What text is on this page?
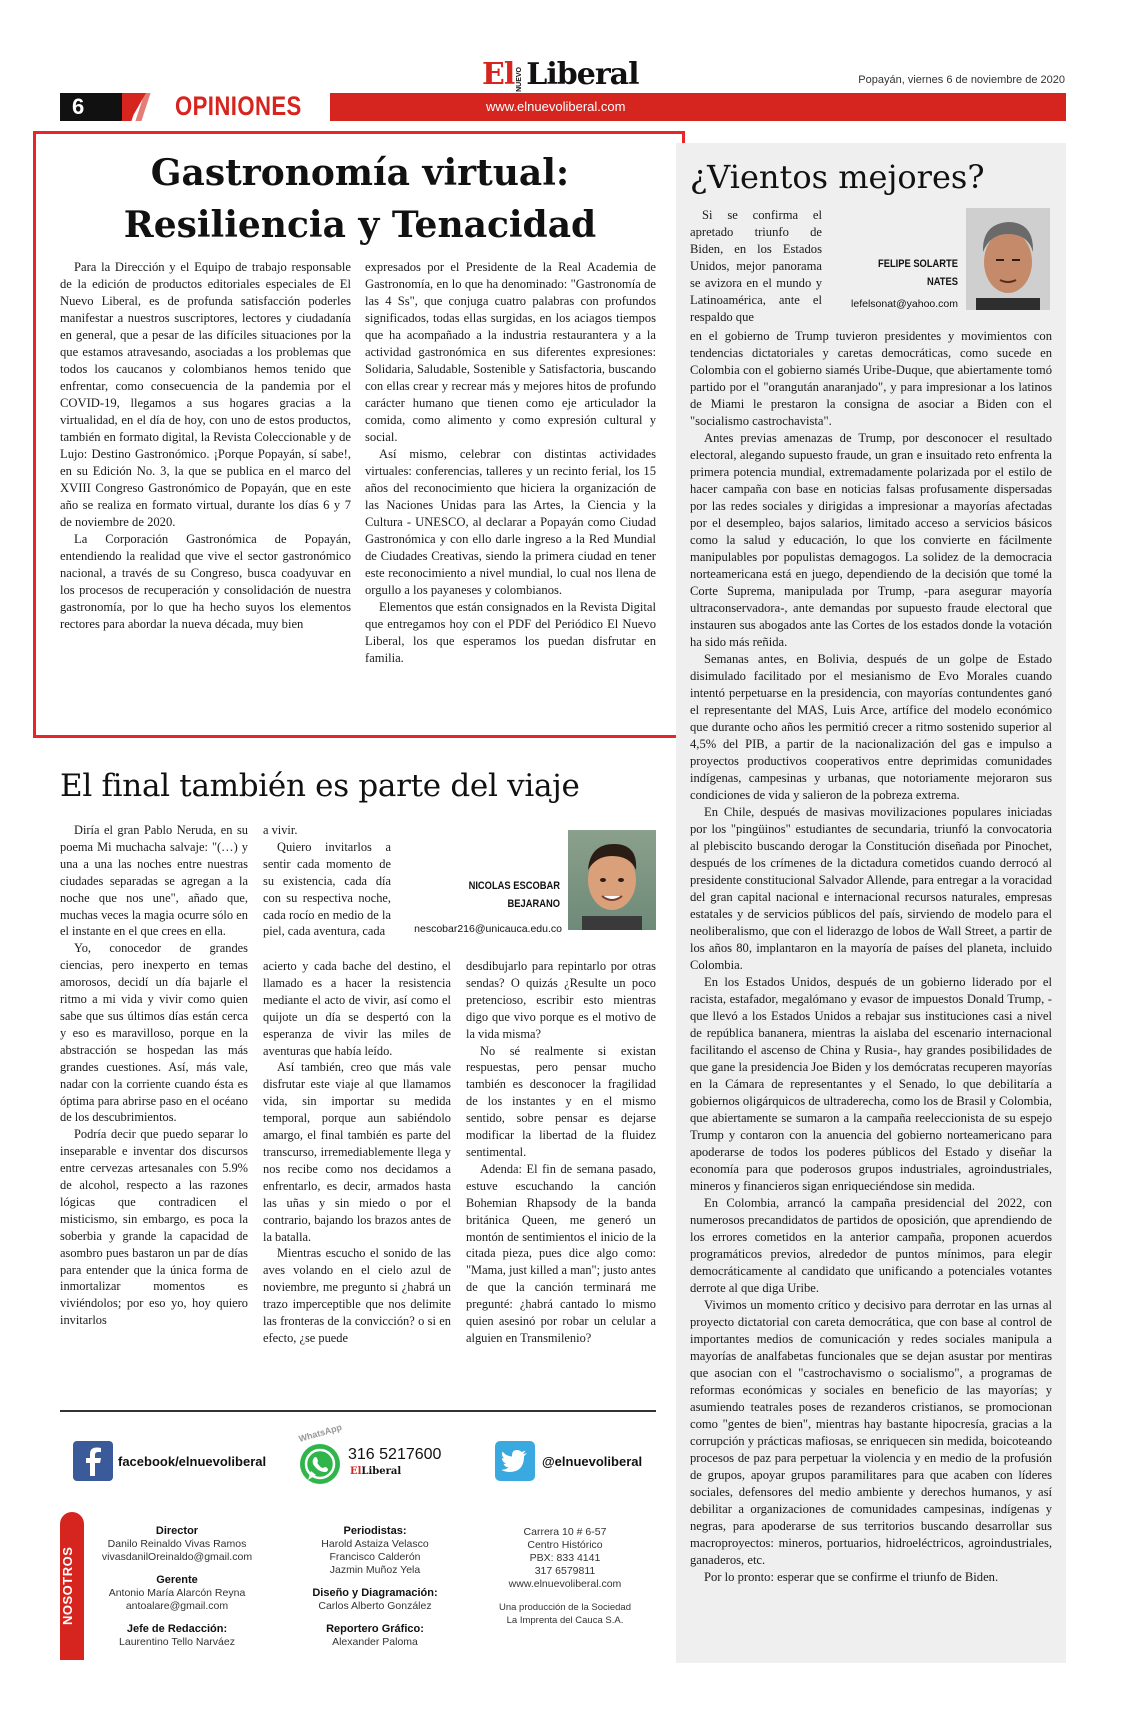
El NUEVO Liberal	Popayán, viernes 6 de noviembre de 2020
6	OPINIONES	www.elnuevoliberal.com
Gastronomía virtual:
Resiliencia y Tenacidad

Para la Dirección y el Equipo de trabajo responsable de la edición de productos editoriales especiales de El Nuevo Liberal, es de profunda satisfacción poderles manifestar a nuestros suscriptores, lectores y ciudadanía en general, que a pesar de las difíciles situaciones por la que estamos atravesando, asociadas a los problemas que todos los caucanos y colombianos hemos tenido que enfrentar, como consecuencia de la pandemia por el COVID-19, llegamos a sus hogares gracias a la virtualidad, en el día de hoy, con uno de estos productos, también en formato digital, la Revista Coleccionable y de Lujo: Destino Gastronómico. ¡Porque Popayán, sí sabe!, en su Edición No. 3, la que se publica en el marco del XVIII Congreso Gastronómico de Popayán, que en este año se realiza en formato virtual, durante los días 6 y 7 de noviembre de 2020.

La Corporación Gastronómica de Popayán, entendiendo la realidad que vive el sector gastronómico nacional, a través de su Congreso, busca coadyuvar en los procesos de recuperación y consolidación de nuestra gastronomía, por lo que ha hecho suyos los elementos rectores para abordar la nueva década, muy bien

expresados por el Presidente de la Real Academia de Gastronomía, en lo que ha denominado: "Gastronomía de las 4 Ss", que conjuga cuatro palabras con profundos significados, todas ellas surgidas, en los aciagos tiempos que ha acompañado a la industria restaurantera y a la actividad gastronómica en sus diferentes expresiones: Solidaria, Saludable, Sostenible y Satisfactoria, buscando con ellas crear y recrear más y mejores hitos de profundo carácter humano que tienen como eje articulador la comida, como alimento y como expresión cultural y social.

Así mismo, celebrar con distintas actividades virtuales: conferencias, talleres y un recinto ferial, los 15 años del reconocimiento que hiciera la organización de las Naciones Unidas para las Artes, la Ciencia y la Cultura - UNESCO, al declarar a Popayán como Ciudad Gastronómica y con ello darle ingreso a la Red Mundial de Ciudades Creativas, siendo la primera ciudad en tener este reconocimiento a nivel mundial, lo cual nos llena de orgullo a los payaneses y colombianos.

Elementos que están consignados en la Revista Digital que entregamos hoy con el PDF del Periódico El Nuevo Liberal, los que esperamos los puedan disfrutar en familia.

El final también es parte del viaje

Diría el gran Pablo Neruda, en su poema Mi muchacha salvaje: "(…) y una a una las noches entre nuestras ciudades separadas se agregan a la noche que nos une", añado que, muchas veces la magia ocurre sólo en el instante en el que crees en ella.

Yo, conocedor de grandes ciencias, pero inexperto en temas amorosos, decidí un día bajarle el ritmo a mi vida y vivir como quien sabe que sus últimos días están cerca y eso es maravilloso, porque en la abstracción se hospedan las más grandes cuestiones. Así, más vale, nadar con la corriente cuando ésta es óptima para abrirse paso en el océano de los descubrimientos.

Podría decir que puedo separar lo inseparable e inventar dos discursos entre cervezas artesanales con 5.9% de alcohol, respecto a las razones lógicas que contradicen el misticismo, sin embargo, es poca la soberbia y grande la capacidad de asombro pues bastaron un par de días para entender que la única forma de inmortalizar momentos es viviéndolos; por eso yo, hoy quiero invitarlos

a vivir.

Quiero invitarlos a sentir cada momento de su existencia, cada día con su respectiva noche, cada rocío en medio de la piel, cada aventura, cada

NICOLAS ESCOBAR
BEJARANO
nescobar216@unicauca.edu.co

acierto y cada bache del destino, el llamado es a hacer la resistencia mediante el acto de vivir, así como el quijote un día se despertó con la esperanza de vivir las miles de aventuras que había leído.

Así también, creo que más vale disfrutar este viaje al que llamamos vida, sin importar su medida temporal, porque aun sabiéndolo amargo, el final también es parte del transcurso, irremediablemente llega y nos recibe como nos decidamos a enfrentarlo, es decir, armados hasta las uñas y sin miedo o por el contrario, bajando los brazos antes de la batalla.

Mientras escucho el sonido de las aves volando en el cielo azul de noviembre, me pregunto si ¿habrá un trazo imperceptible que nos delimite las fronteras de la convicción? o si en efecto, ¿se puede

desdibujarlo para repintarlo por otras sendas? O quizás ¿Resulte un poco pretencioso, escribir esto mientras digo que vivo porque es el motivo de la vida misma?

No sé realmente si existan respuestas, pero pensar mucho también es desconocer la fragilidad de los instantes y en el mismo sentido, sobre pensar es dejarse modificar la libertad de la fluidez sentimental.

Adenda: El fin de semana pasado, estuve escuchando la canción Bohemian Rhapsody de la banda británica Queen, me generó un montón de sentimientos el inicio de la citada pieza, pues dice algo como: "Mama, just killed a man"; justo antes de que la canción terminará me pregunté: ¿habrá cantado lo mismo quien asesinó por robar un celular a alguien en Transmilenio?

¿Vientos mejores?
Si se confirma el apretado triunfo de Biden, en los Estados Unidos, mejor panorama se avizora en el mundo y Latinoamérica, ante el respaldo que
FELIPE SOLARTE
NATES
lefelsonat@yahoo.com

en el gobierno de Trump tuvieron presidentes y movimientos con tendencias dictatoriales y caretas democráticas, como sucede en Colombia con el gobierno siamés Uribe-Duque, que abiertamente tomó partido por el "orangután anaranjado", y para impresionar a los latinos de Miami le prestaron la consigna de asociar a Biden con el "socialismo castrochavista".

Antes previas amenazas de Trump, por desconocer el resultado electoral, alegando supuesto fraude, un gran e insuitado reto enfrenta la primera potencia mundial, extremadamente polarizada por el estilo de hacer campaña con base en noticias falsas profusamente dispersadas por las redes sociales y dirigidas a impresionar a mayorías afectadas por el desempleo, bajos salarios, limitado acceso a servicios básicos como la salud y educación, lo que los convierte en fácilmente manipulables por populistas demagogos. La solidez de la democracia norteamericana está en juego, dependiendo de la decisión que tomé la Corte Suprema, manipulada por Trump, -para asegurar mayoría ultraconservadora-, ante demandas por supuesto fraude electoral que instauren sus abogados ante las Cortes de los estados donde la votación ha sido más reñida.

Semanas antes, en Bolivia, después de un golpe de Estado disimulado facilitado por el mesianismo de Evo Morales cuando intentó perpetuarse en la presidencia, con mayorías contundentes ganó el representante del MAS, Luis Arce, artífice del modelo económico que durante ocho años les permitió crecer a ritmo sostenido superior al 4,5% del PIB, a partir de la nacionalización del gas e impulso a proyectos productivos cooperativos entre deprimidas comunidades indígenas, campesinas y urbanas, que notoriamente mejoraron sus condiciones de vida y salieron de la pobreza extrema.

En Chile, después de masivas movilizaciones populares iniciadas por los "pingüinos" estudiantes de secundaria, triunfó la convocatoria al plebiscito buscando derogar la Constitución diseñada por Pinochet, después de los crímenes de la dictadura cometidos cuando derrocó al presidente constitucional Salvador Allende, para entregar a la voracidad del gran capital nacional e internacional recursos naturales, empresas estatales y de servicios públicos del país, sirviendo de modelo para el neoliberalismo, que con el liderazgo de lobos de Wall Street, a partir de los años 80, implantaron en la mayoría de países del planeta, incluido Colombia.

En los Estados Unidos, después de un gobierno liderado por el racista, estafador, megalómano y evasor de impuestos Donald Trump, -que llevó a los Estados Unidos a rebajar sus instituciones casi a nivel de república bananera, mientras la aislaba del escenario internacional facilitando el ascenso de China y Rusia-, hay grandes posibilidades de que gane la presidencia Joe Biden y los demócratas recuperen mayorías en la Cámara de representantes y el Senado, lo que debilitaría a gobiernos oligárquicos de ultraderecha, como los de Brasil y Colombia, que abiertamente se sumaron a la campaña reeleccionista de su espejo Trump y contaron con la anuencia del gobierno norteamericano para apoderarse de todos los poderes públicos del Estado y diseñar la economía para que poderosos grupos industriales, agroindustriales, mineros y financieros sigan enriqueciéndose sin medida.

En Colombia, arrancó la campaña presidencial del 2022, con numerosos precandidatos de partidos de oposición, que aprendiendo de los errores cometidos en la anterior campaña, proponen acuerdos programáticos previos, alrededor de puntos mínimos, para elegir democráticamente al candidato que unificando a potenciales votantes derrote al que diga Uribe.

Vivimos un momento crítico y decisivo para derrotar en las urnas al proyecto dictatorial con careta democrática, que con base al control de importantes medios de comunicación y redes sociales manipula a mayorías de analfabetas funcionales que se dejan asustar por mentiras que asocian con el "castrochavismo o socialismo", a programas de reformas económicas y sociales en beneficio de las mayorías; y asumiendo teatrales poses de rezanderos cristianos, se promocionan como "gentes de bien", mientras hay bastante hipocresía, gracias a la corrupción y prácticas mafiosas, se enriquecen sin medida, boicoteando procesos de paz para perpetuar la violencia y en medio de la profusión de grupos, apoyar grupos paramilitares para que acaben con líderes sociales, defensores del medio ambiente y derechos humanos, y así debilitar a organizaciones de comunidades campesinas, indígenas y negras, para apoderarse de sus territorios buscando desarrollar sus macroproyectos: mineros, portuarios, hidroeléctricos, agroindustriales, ganaderos, etc.

Por lo pronto: esperar que se confirme el triunfo de Biden.

facebook/elnuevoliberal
WhatsApp
316 5217600
El Liberal
@elnuevoliberal
NOSOTROS
Director
Danilo Reinaldo Vivas Ramos
vivasdanilOreinaldo@gmail.com
Gerente
Antonio María Alarcón Reyna
antoalare@gmail.com
Jefe de Redacción:
Laurentino Tello Narváez
Periodistas:
Harold Astaiza Velasco
Francisco Calderón
Jazmin Muñoz Yela
Diseño y Diagramación:
Carlos Alberto González
Reportero Gráfico:
Alexander Paloma
Carrera 10 # 6-57
Centro Histórico
PBX: 833 4141
317 6579811
www.elnuevoliberal.com
Una producción de la Sociedad
La Imprenta del Cauca S.A.
